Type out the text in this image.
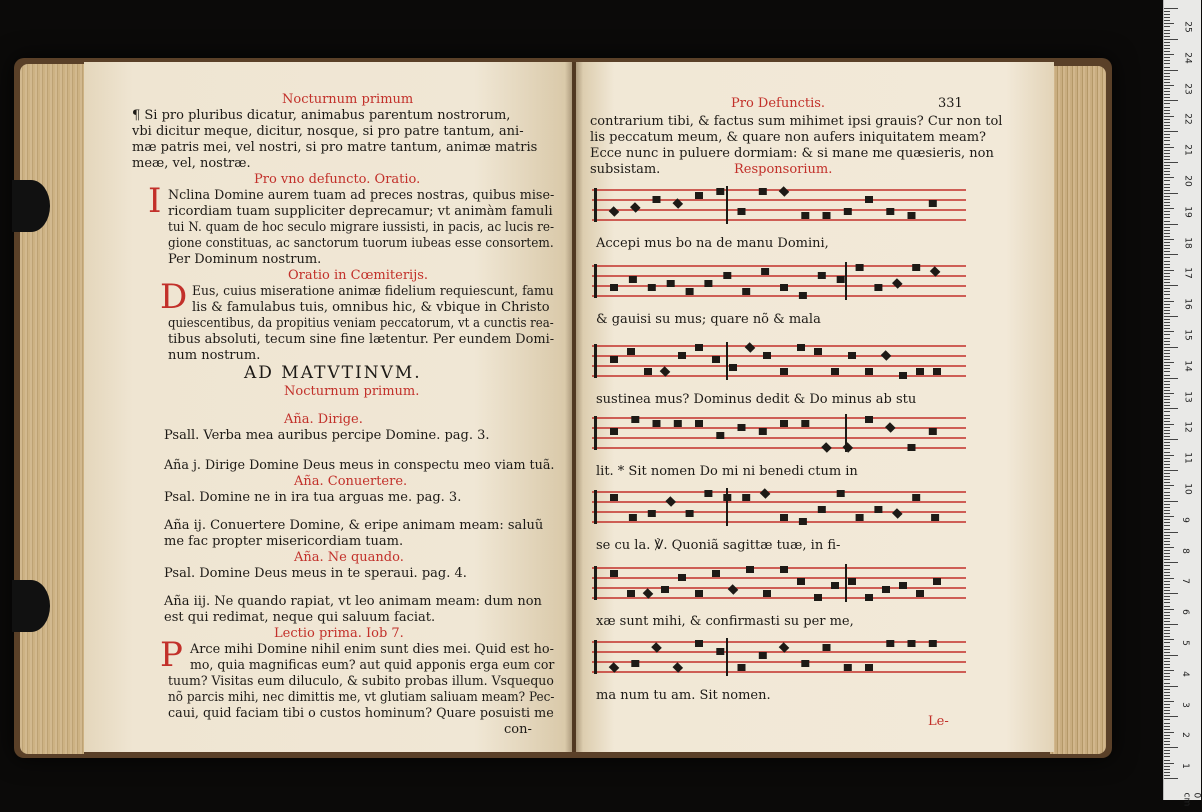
Nocturnum primum
¶ Si pro pluribus dicatur, animabus parentum nostrorum,
vbi dicitur meque, dicitur, nosque, si pro patre tantum, ani-
mæ patris mei, vel nostri, si pro matre tantum, animæ matris
meæ, vel, nostræ.
Pro vno defuncto. Oratio.
Nclina Domine aurem tuam ad preces nostras, quibus mise-
ricordiam tuam suppliciter deprecamur; vt animàm famuli
tui N. quam de hoc seculo migrare iussisti, in pacis, ac lucis re-
gione constituas, ac sanctorum tuorum iubeas esse consortem.
Per Dominum nostrum.
Oratio in Cœmiterijs.
Eus, cuius miseratione animæ fidelium requiescunt, famu
lis & famulabus tuis, omnibus hic, & vbique in Christo
quiescentibus, da propitius veniam peccatorum, vt a cunctis rea-
tibus absoluti, tecum sine fine lætentur. Per eundem Domi-
num nostrum.
AD MATVTINVM.
Nocturnum primum.
Aña. Dirige.
Psall. Verba mea auribus percipe Domine. pag. 3.
Aña j. Dirige Domine Deus meus in conspectu meo viam tuã.
Aña. Conuertere.
Psal. Domine ne in ira tua arguas me. pag. 3.
Aña ij. Conuertere Domine, & eripe animam meam: saluũ
me fac propter misericordiam tuam.
Aña. Ne quando.
Psal. Domine Deus meus in te speraui. pag. 4.
Aña iij. Ne quando rapiat, vt leo animam meam: dum non
est qui redimat, neque qui saluum faciat.
Lectio prima. Iob 7.
Arce mihi Domine nihil enim sunt dies mei. Quid est ho-
mo, quia magnificas eum? aut quid apponis erga eum cor
tuum? Visitas eum diluculo, & subito probas illum. Vsquequo
nõ parcis mihi, nec dimittis me, vt glutiam saliuam meam? Pec-
caui, quid faciam tibi o custos hominum? Quare posuisti me
con-
I
D
P
Pro Defunctis.	331
contrarium tibi, & factus sum mihimet ipsi grauis? Cur non tol
lis peccatum meum, & quare non aufers iniquitatem meam?
Ecce nunc in puluere dormiam: & si mane me quæsieris, non
subsistam.	Responsorium.
Le-
Accepi mus bo na de manu Domini,
& gauisi su mus; quare nõ & mala
sustinea mus? Dominus dedit & Do minus ab stu
lit. * Sit nomen Do mi ni benedi ctum in
se cu la. ℣. Quoniã sagittæ tuæ, in fi-
xæ sunt mihi, & confirmasti su per me,
ma num tu am. Sit nomen.
25
24
23
22
21
20
19
18
17
16
15
14
13
12
11
10
9
8
7
6
5
4
3
2
1
0 cm
